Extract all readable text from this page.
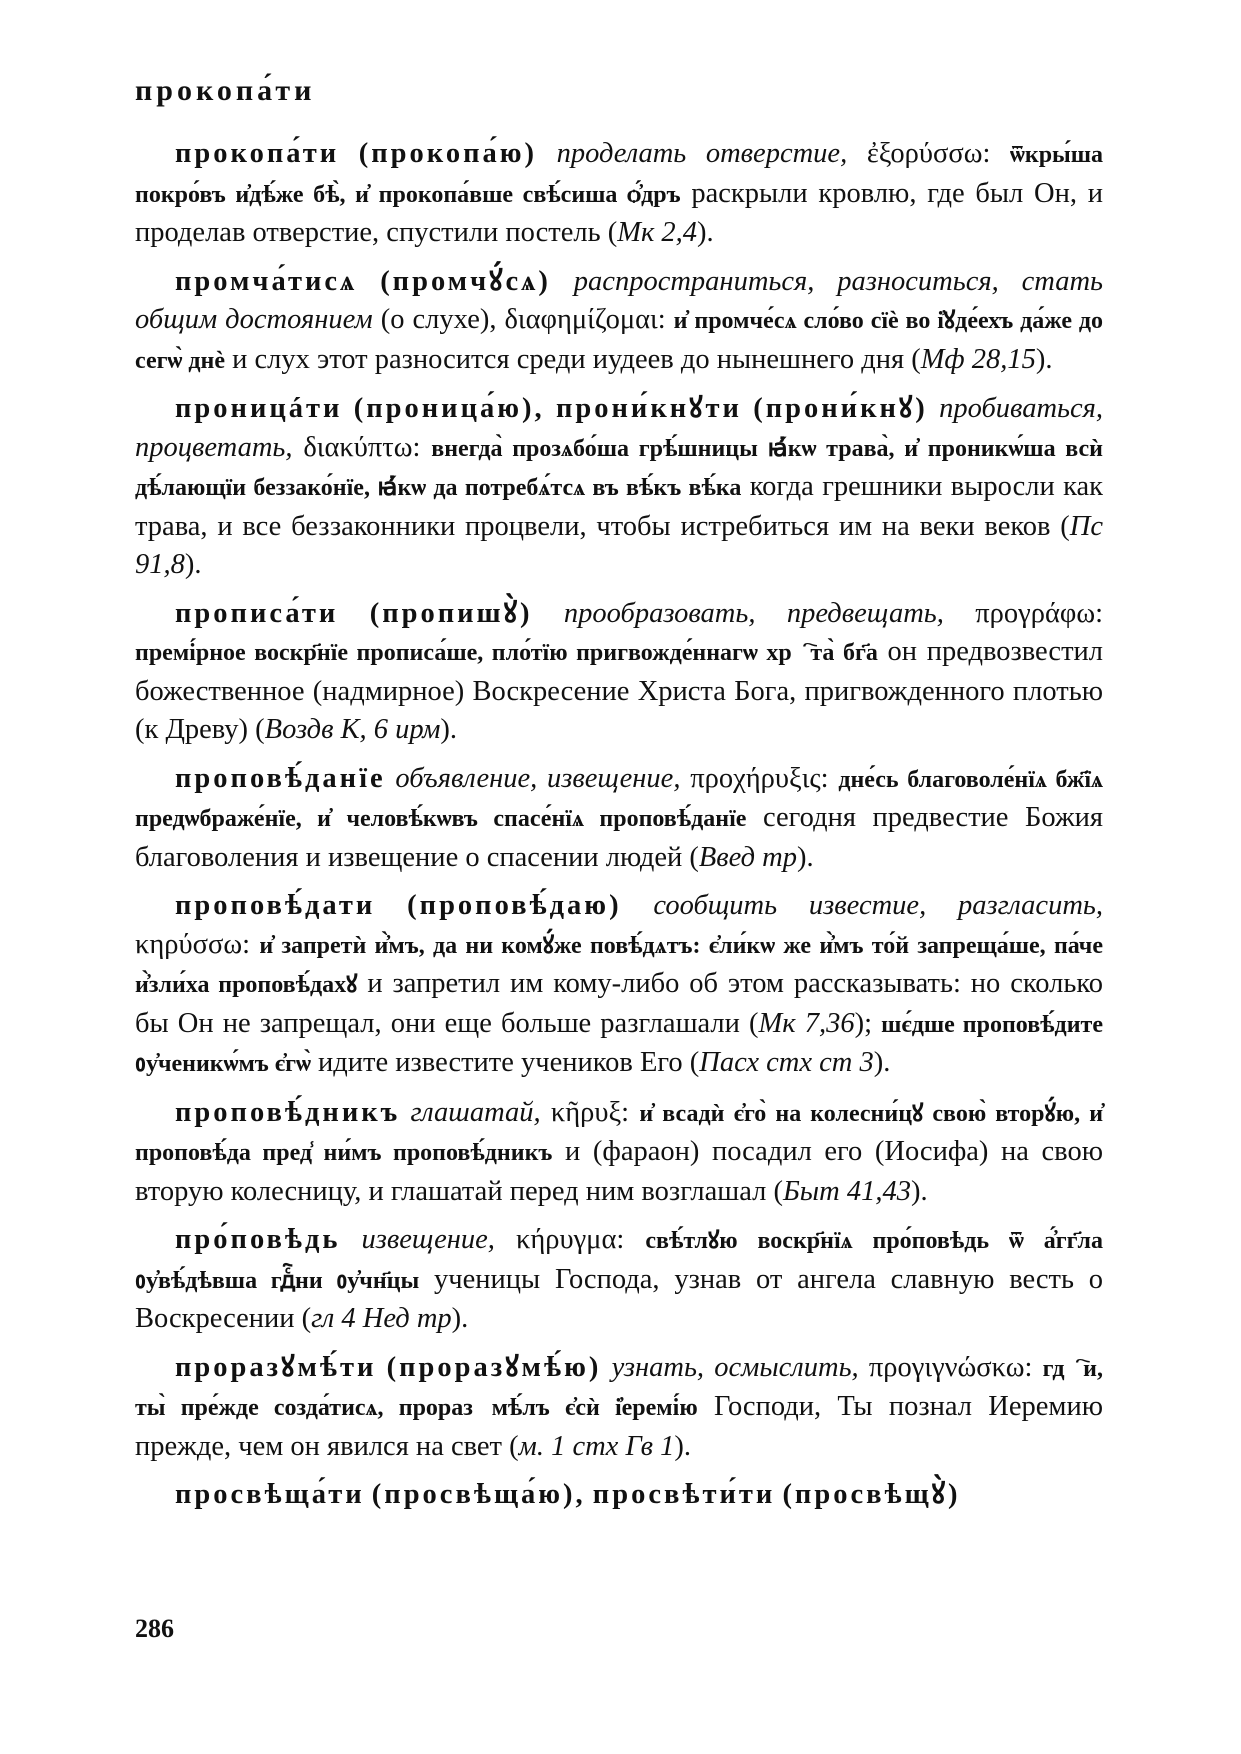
прокопа́ти

прокопа́ти (прокопа́ю) проделать отверстие, ἐξορύσσω: ѿкры́ша покро́въ и҆дѣ́же бѣ̀, и҆ прокопа́вше свѣ́сиша ѻ҆́дръ раскрыли кровлю, где был Он, и проделав отверстие, спустили постель (Мк 2,4).

промча́тисѧ (промчꙋ́сѧ) распространиться, разноситься, стать общим достоянием (о слухе), διαφημίζομαι: и҆ промче́сѧ сло́во сїѐ во і҆ꙋде́ехъ да́же до сегѡ̀ днѐ и слух этот разносится среди иудеев до нынешнего дня (Мф 28,15).

проницáти (проница́ю), прони́кнꙋти (прони́кнꙋ) пробиваться, процветать, διακύπτω: внегда̀ прозѧбо́ша грѣ́шницы ꙗ҆́кѡ трава̀, и҆ проникѡ́ша всѝ дѣ́лающїи беззако́нїе, ꙗ҆́кѡ да потребѧ́тсѧ въ вѣ́къ вѣ́ка когда грешники выросли как трава, и все беззаконники процвели, чтобы истребиться им на веки веков (Пс 91,8).

прописа́ти (пропишꙋ̀) прообразовать, предвещать, προγράφω: премі́рное воскр҃нїе прописа́ше, пло́тїю пригвожде́ннагѡ хрⷭ҇та̀ бг҃а он предвозвестил божественное (надмирное) Воскресение Христа Бога, пригвожденного плотью (к Древу) (Воздв К, 6 ирм).

проповѣ́данїе объявление, извещение, προχήρυξις: дне́сь благоволе́нїѧ бж҃їѧ предѡбраже́нїе, и҆ человѣ́кѡвъ спасе́нїѧ проповѣ́данїе сегодня предвестие Божия благоволения и извещение о спасении людей (Введ тр).

проповѣ́дати (проповѣ́даю) сообщить известие, разгласить, κηρύσσω: и҆ запретѝ и҆̀мъ, да ни комꙋ́же повѣ́дѧтъ: є҆ли́кѡ же и҆̀мъ то́й запреща́ше, па́че и҆̀зли́ха проповѣ́дахꙋ и запретил им кому-либо об этом рассказывать: но сколько бы Он не запрещал, они еще больше разглашали (Мк 7,36); шє́дше проповѣ́дите ᲂу҆ченикѡ́мъ є҆гѡ̀ идите известите учеников Его (Пасх стх ст 3).

проповѣ́дникъ глашатай, κῆρυξ: и҆ всадѝ є҆го̀ на колесни́цꙋ свою̀ вторꙋ́ю, и҆ проповѣ́да пред̾ ни́мъ проповѣ́дникъ и (фараон) посадил его (Иосифа) на свою вторую колесницу, и глашатай перед ним возглашал (Быт 41,43).

про́повѣдь извещение, κήρυγμα: свѣ́тлꙋю воскр҃нїѧ про́повѣдь ѿ а҆́гг҃ла ᲂу҆вѣ́дѣвша гдⷭ҇ни ᲂу҆чн҃цы ученицы Господа, узнав от ангела славную весть о Воскресении (гл 4 Нед тр).

проразꙋмѣ́ти (проразꙋмѣ́ю) узнать, осмыслить, προγιγνώσκω: гдⷭ҇и, ты̀ пре́жде созда́тисѧ, проразꙋмѣ́лъ є҆сѝ і҆еремі́ю Господи, Ты познал Иеремию прежде, чем он явился на свет (м. 1 стх Гв 1).

просвѣща́ти (просвѣща́ю), просвѣти́ти (просвѣщꙋ̀)

286
